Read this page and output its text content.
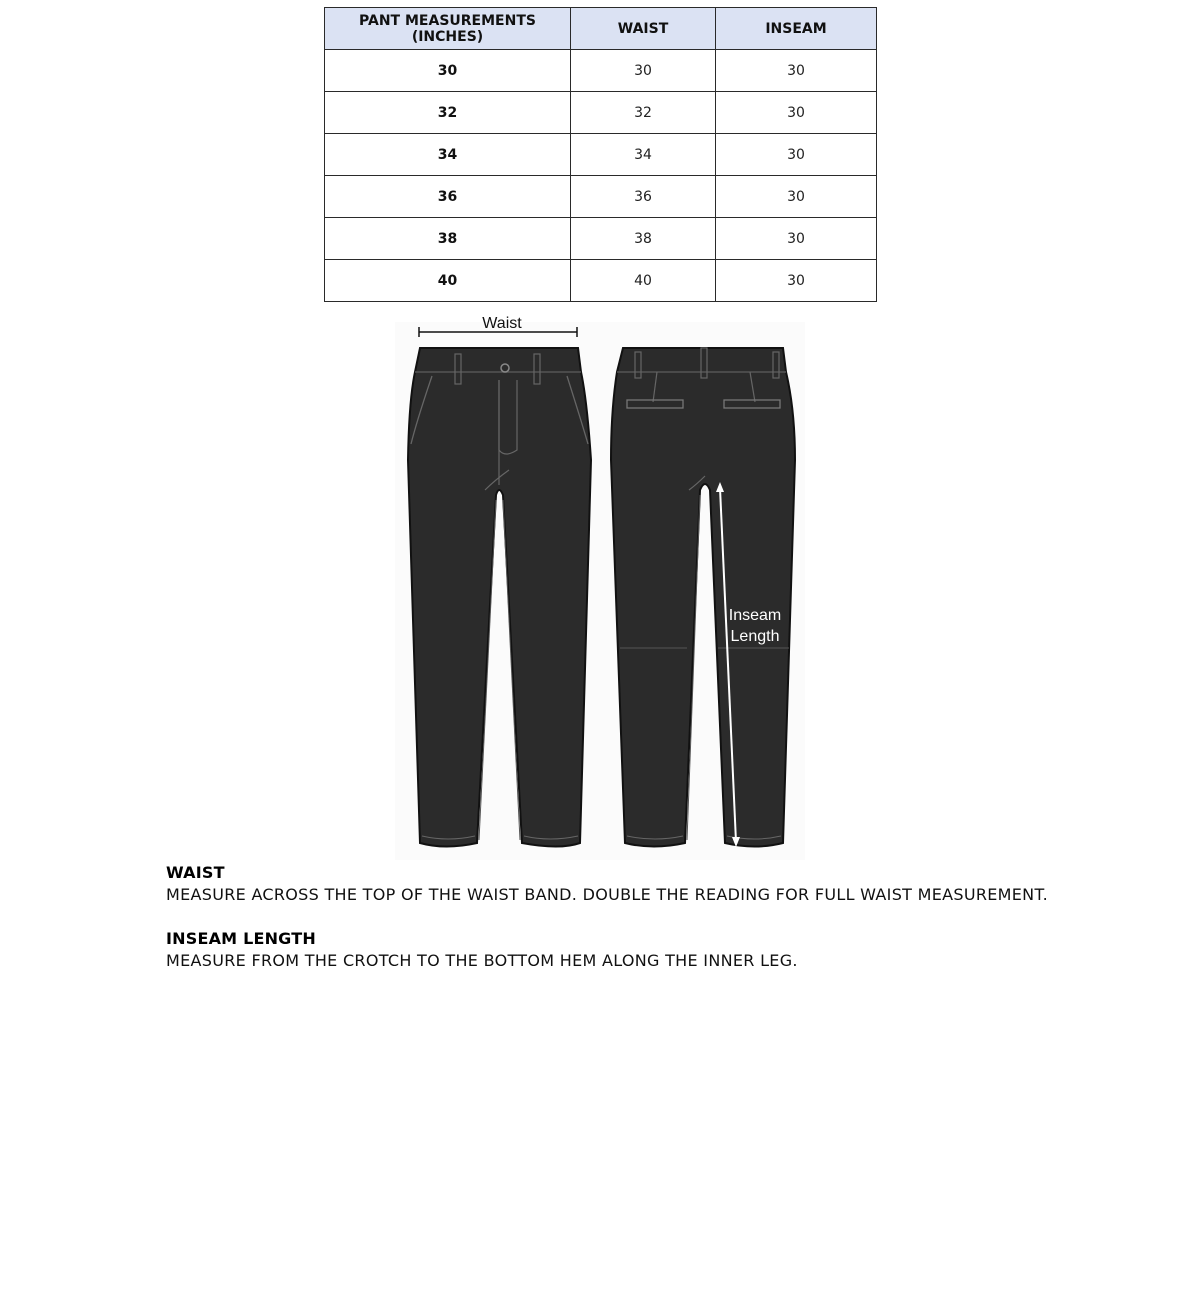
PANT MEASUREMENTS (INCHES)	WAIST	INSEAM
30	30	30
32	32	30
34	34	30
36	36	30
38	38	30
40	40	30
Waist
Inseam
Length
WAIST
MEASURE ACROSS THE TOP OF THE WAIST BAND. DOUBLE THE READING FOR FULL WAIST MEASUREMENT.
INSEAM LENGTH
MEASURE FROM THE CROTCH TO THE BOTTOM HEM ALONG THE INNER LEG.
